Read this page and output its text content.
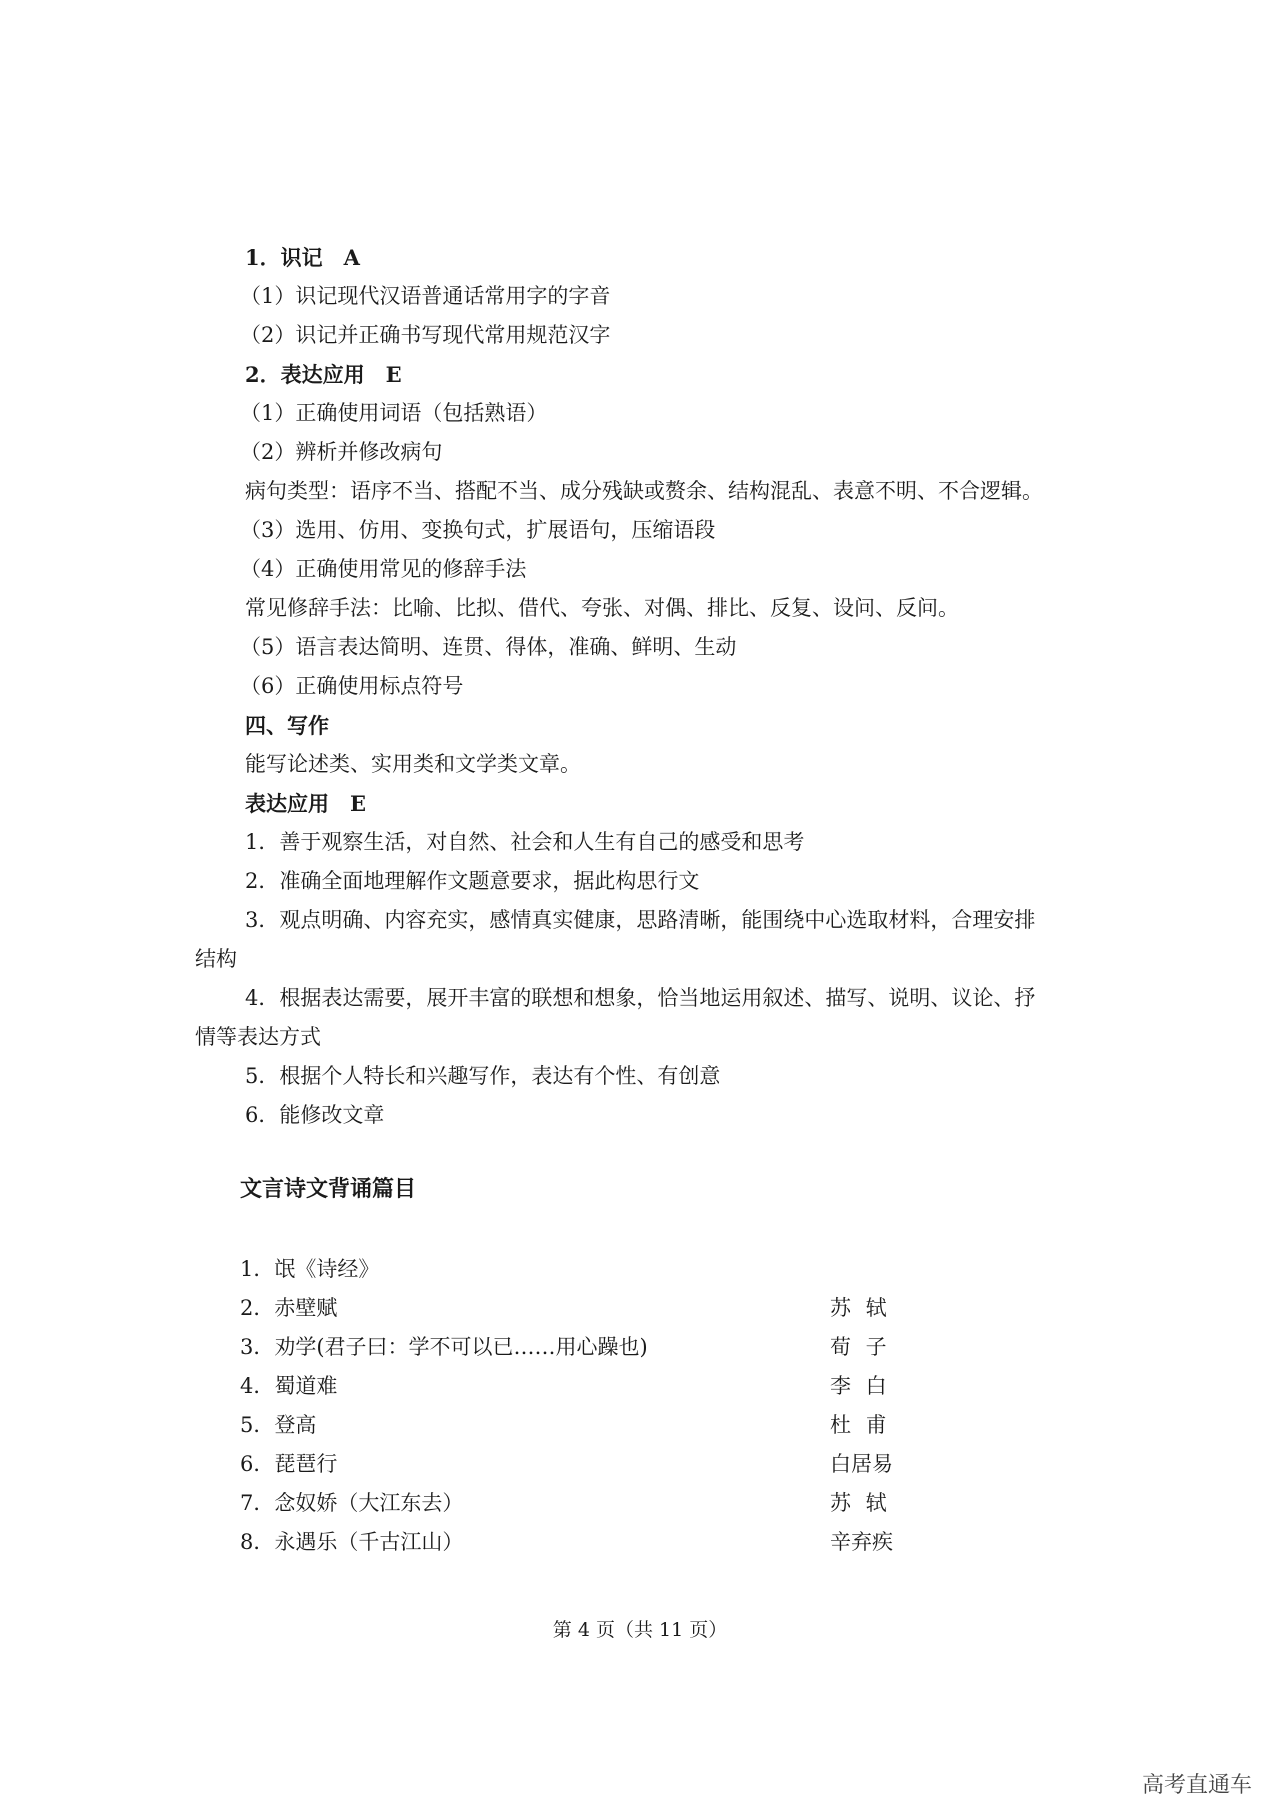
1．识记　A
（1）识记现代汉语普通话常用字的字音
（2）识记并正确书写现代常用规范汉字
2．表达应用　E
（1）正确使用词语（包括熟语）
（2）辨析并修改病句
病句类型：语序不当、搭配不当、成分残缺或赘余、结构混乱、表意不明、不合逻辑。
（3）选用、仿用、变换句式，扩展语句，压缩语段
（4）正确使用常见的修辞手法
常见修辞手法：比喻、比拟、借代、夸张、对偶、排比、反复、设问、反问。
（5）语言表达简明、连贯、得体，准确、鲜明、生动
（6）正确使用标点符号
四、写作
能写论述类、实用类和文学类文章。
表达应用　E
1．善于观察生活，对自然、社会和人生有自己的感受和思考
2．准确全面地理解作文题意要求，据此构思行文
3．观点明确、内容充实，感情真实健康，思路清晰，能围绕中心选取材料，合理安排
结构
4．根据表达需要，展开丰富的联想和想象，恰当地运用叙述、描写、说明、议论、抒
情等表达方式
5．根据个人特长和兴趣写作，表达有个性、有创意
6．能修改文章
文言诗文背诵篇目
1．氓《诗经》
2．赤壁赋	苏 轼
3．劝学(君子曰：学不可以已……用心躁也)	荀 子
4．蜀道难	李 白
5．登高	杜 甫
6．琵琶行	白居易
7．念奴娇（大江东去）	苏 轼
8．永遇乐（千古江山）	辛弃疾
第 4 页（共 11 页）
高考直通车
